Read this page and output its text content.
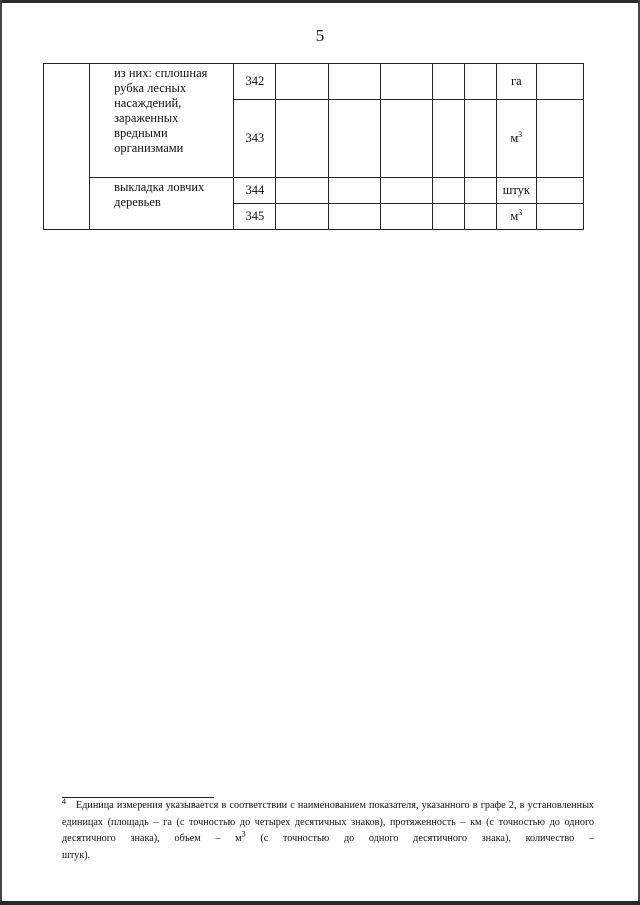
5
	из них: сплошная рубка лесных насаждений, зараженных вредными организмами	342						га	
		343						$м^3$	
	выкладка ловчих деревьев	344						штук	
		345						$м^3$	
$^4$ Единица измерения указывается в соответствии с наименованием показателя, указанного в графе 2, в установленных единицах (площадь – га (с точностью до четырех десятичных знаков), протяженность – км (с точностью до одного десятичного знака), объем – $м^3$ (с точностью до одного десятичного знака), количество –
штук).
